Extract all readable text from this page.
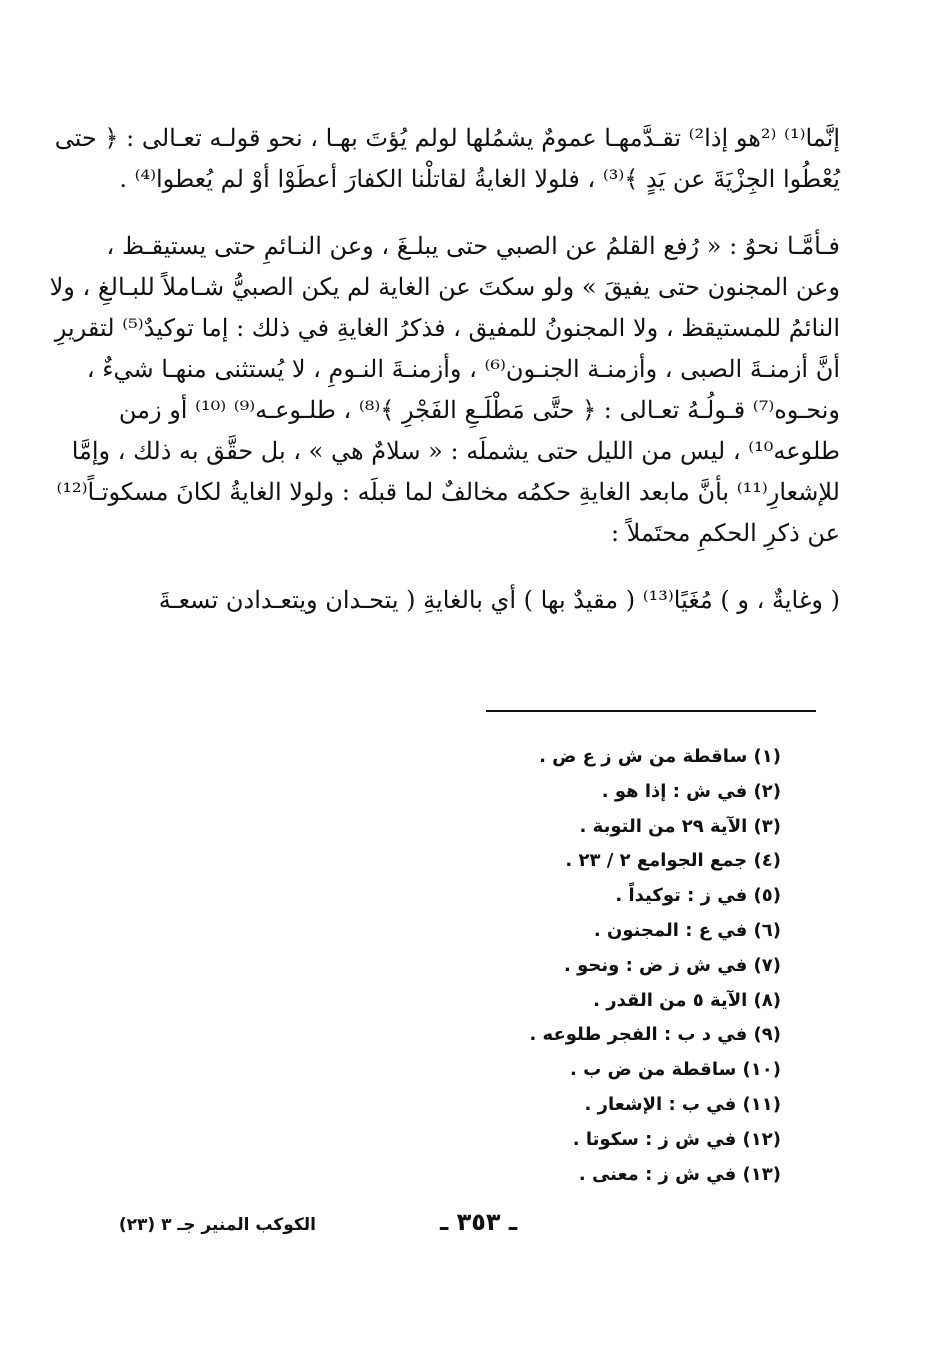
إنَّما⁽¹⁾ ⁽²هو إذا²⁾ تقـدَّمهـا عمومٌ يشمُلها لولم يُؤتَ بهـا ، نحو قولـه تعـالى : ﴿ حتى
يُعْطُوا الجِزْيَةَ عن يَدٍ ﴾⁽³⁾ ، فلولا الغايةُ لقاتلْنا الكفارَ أعطَوْا أوْ لم يُعطوا⁽⁴⁾ .

فـأمَّـا نحوُ : « رُفع القلمُ عن الصبي حتى يبلـغَ ، وعن النـائمِ حتى يستيقـظ ،
وعن المجنون حتى يفيقَ » ولو سكتَ عن الغاية لم يكن الصبيُّ شـاملاً للبـالغِ ، ولا
النائمُ للمستيقظ ، ولا المجنونُ للمفيق ، فذكرُ الغايةِ في ذلك : إما توكيدٌ⁽⁵⁾ لتقريرِ
أنَّ أزمنـةَ الصبى ، وأزمنـة الجنـون⁽⁶⁾ ، وأزمنـةَ النـومِ ، لا يُستثنى منهـا شيءٌ ،
ونحـوه⁽⁷⁾ قـولُـهُ تعـالى : ﴿ حتَّى مَطْلَـعِ الفَجْرِ ﴾⁽⁸⁾ ، طلـوعـه⁽⁹⁾ ⁽¹⁰⁾ أو زمن
طلوعه¹⁰⁾ ، ليس من الليل حتى يشملَه : « سلامٌ هي » ، بل حقَّق به ذلك ، وإمَّا
للإشعارِ⁽¹¹⁾ بأنَّ مابعد الغايةِ حكمُه مخالفٌ لما قبلَه : ولولا الغايةُ لكانَ مسكوتـاً⁽¹²⁾
عن ذكرِ الحكمِ محتَملاً :

( وغايةٌ ، و ) مُغَيًا⁽¹³⁾ ( مقيدٌ بها ) أي بالغايةِ ( يتحـدان ويتعـدادن تسعـةَ

(١) ساقطة من ش ز ع ض .
(٢) في ش : إذا هو .
(٣) الآية ٢٩ من التوبة .
(٤) جمع الجوامع ٢ / ٢٣ .
(٥) في ز : توكيداً .
(٦) في ع : المجنون .
(٧) في ش ز ض : ونحو .
(٨) الآية ٥ من القدر .
(٩) في د ب : الفجر طلوعه .
(١٠) ساقطة من ض ب .
(١١) في ب : الإشعار .
(١٢) في ش ز : سكوتا .
(١٣) في ش ز : معنى .
ـ ٣٥٣ ـ
الكوكب المنير جـ ٣ (٢٣)
